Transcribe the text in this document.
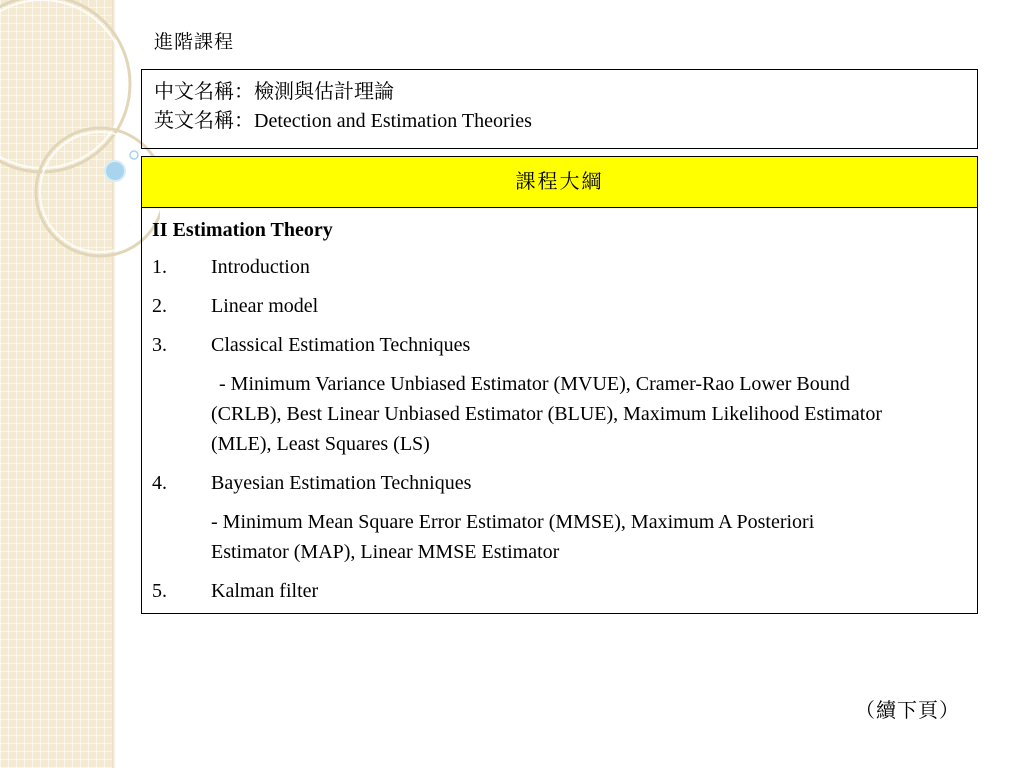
進階課程
中文名稱：檢測與估計理論
英文名稱：Detection and Estimation Theories
課程大綱
II Estimation Theory
1.	Introduction
2.	Linear model
3.	Classical Estimation Techniques
- Minimum Variance Unbiased Estimator (MVUE), Cramer-Rao Lower Bound (CRLB), Best Linear Unbiased Estimator (BLUE), Maximum Likelihood Estimator (MLE), Least Squares (LS)
4.	Bayesian Estimation Techniques
- Minimum Mean Square Error Estimator (MMSE), Maximum A Posteriori Estimator (MAP), Linear MMSE Estimator
5.	Kalman filter
（續下頁）
